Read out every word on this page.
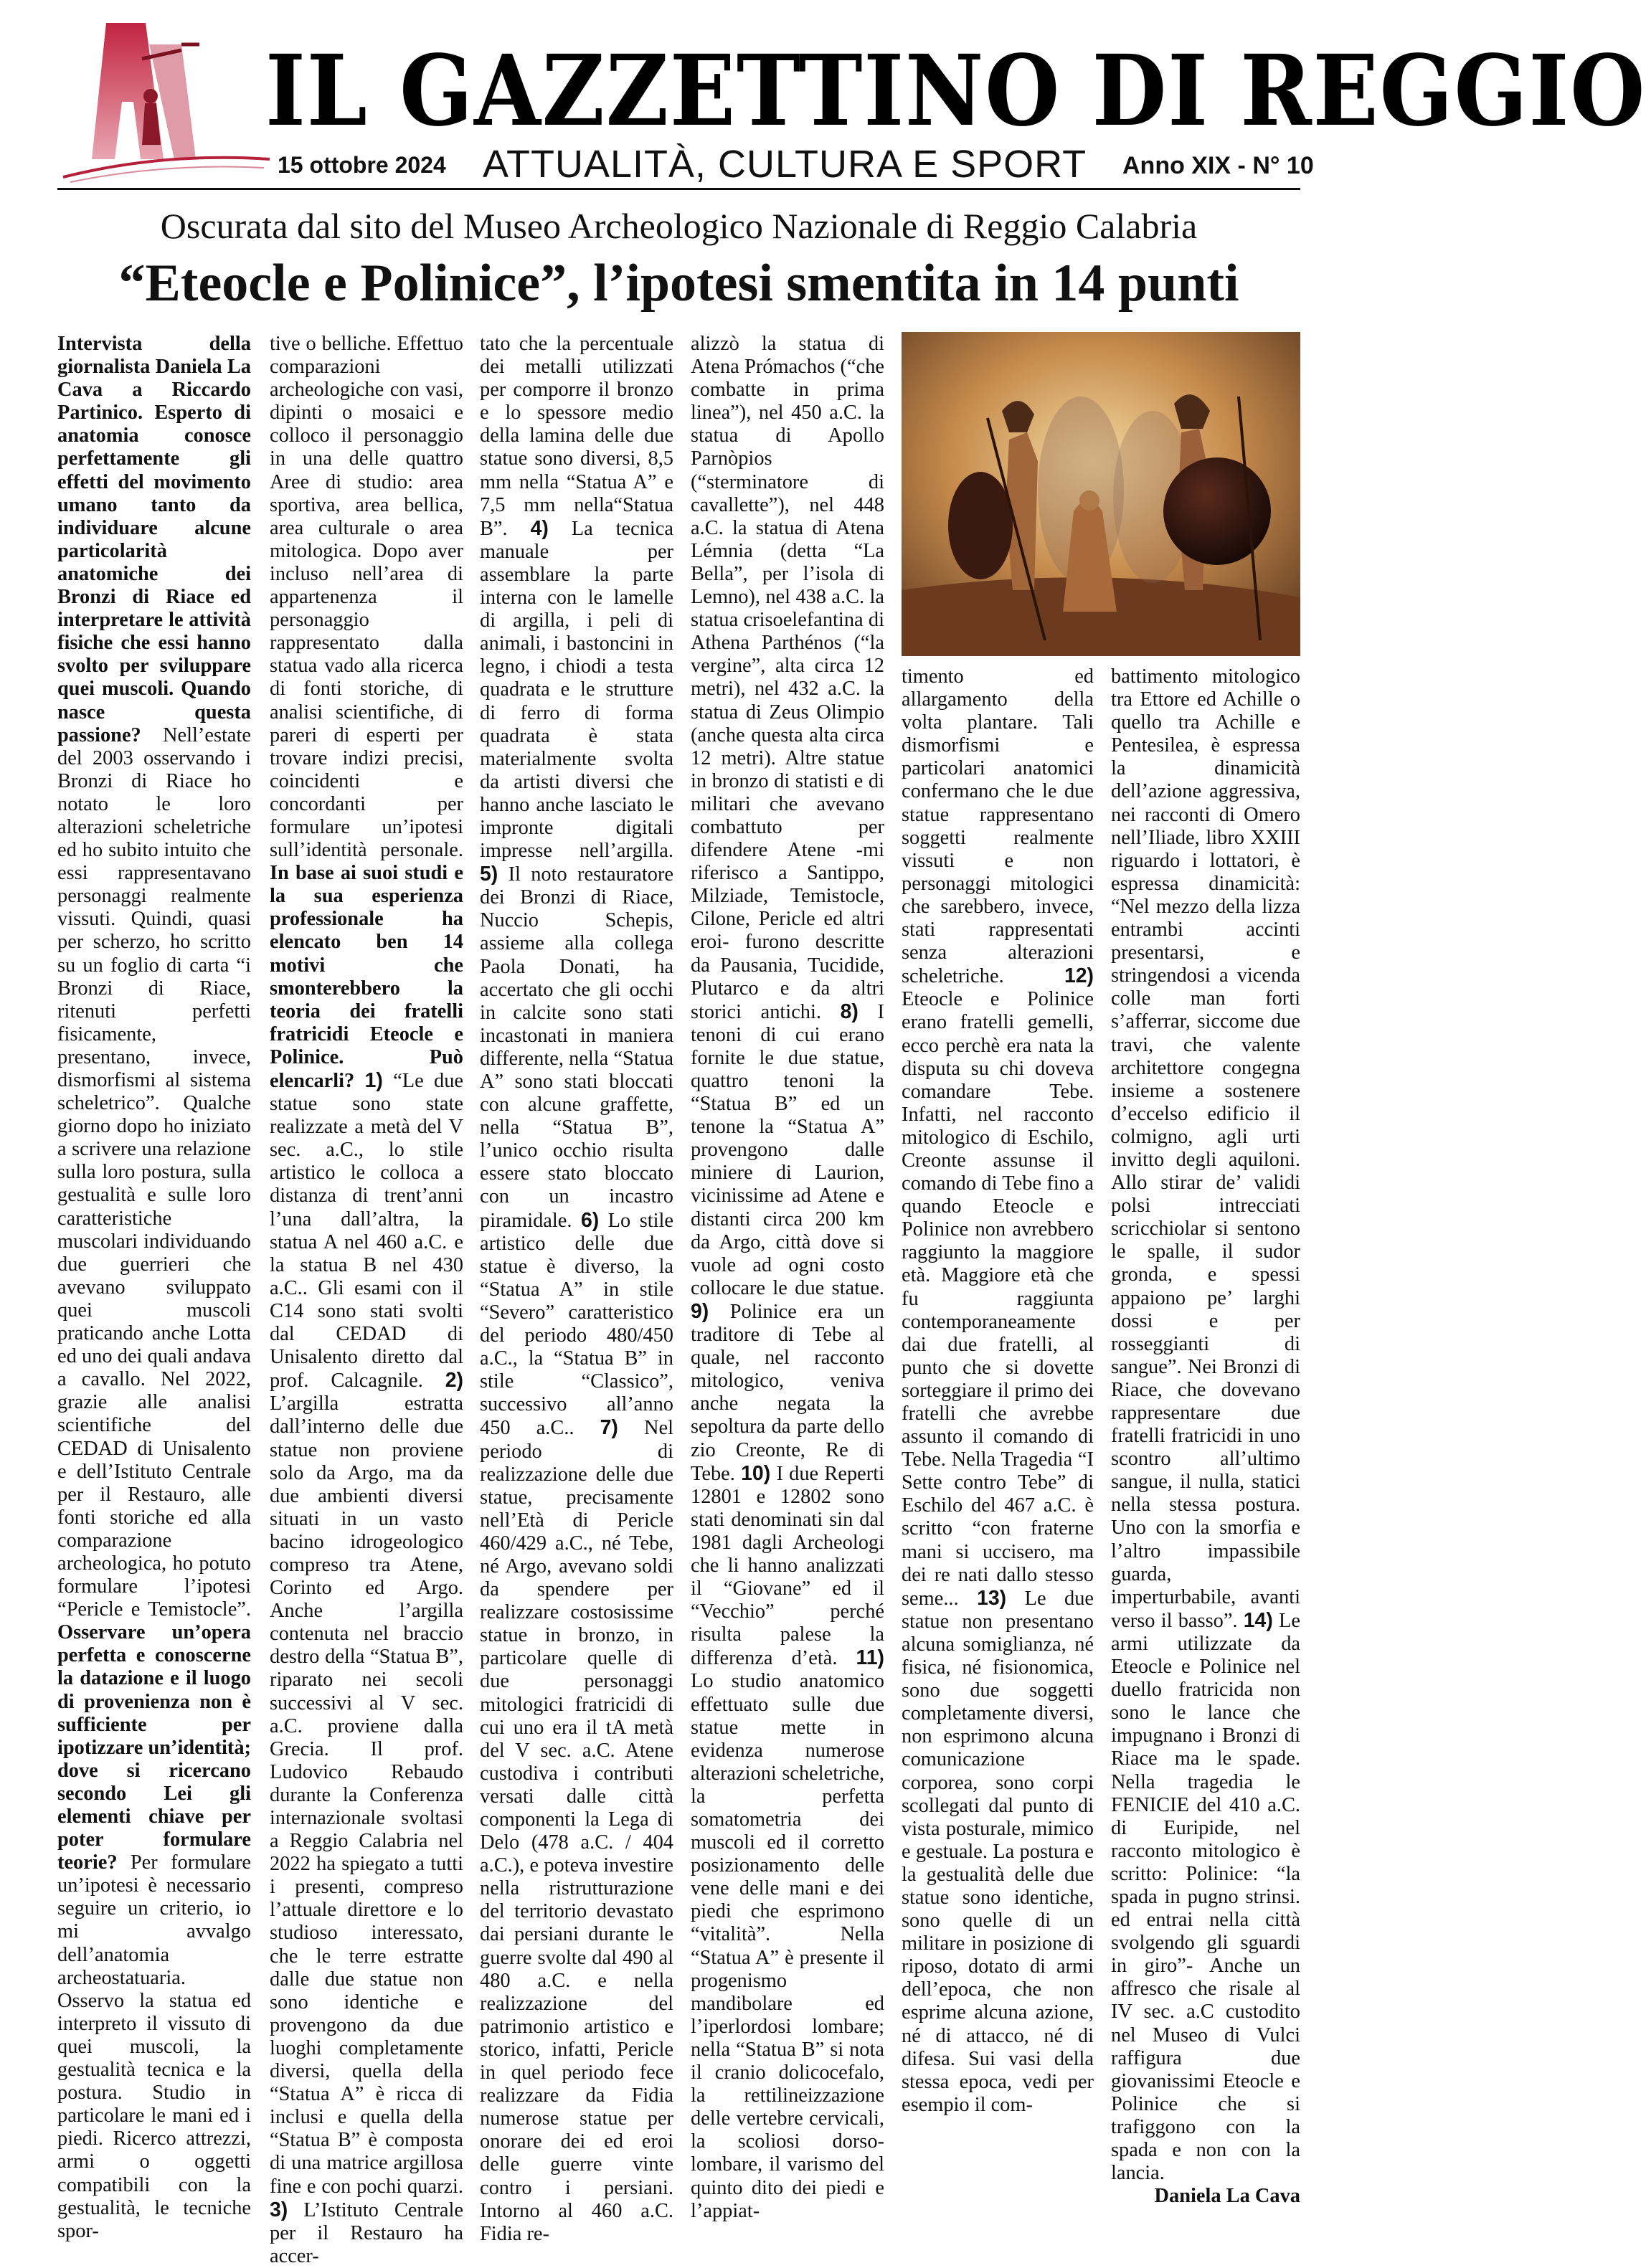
IL GAZZETTINO DI REGGIO
15 ottobre 2024 ATTUALITÀ, CULTURA E SPORT Anno XIX - N° 10
Oscurata dal sito del Museo Archeologico Nazionale di Reggio Calabria
“Eteocle e Polinice”, l’ipotesi smentita in 14 punti

Intervista della giornalista Daniela La Cava a Riccardo Partinico. Esperto di anatomia conosce perfettamente gli effetti del movimento umano tanto da individuare alcune particolarità anatomiche dei Bronzi di Riace ed interpretare le attività fisiche che essi hanno svolto per sviluppare quei muscoli. Quando nasce questa passione? Nell’estate del 2003 osservando i Bronzi di Riace ho notato le loro alterazioni scheletriche ed ho subito intuito che essi rappresentavano personaggi realmente vissuti. Quindi, quasi per scherzo, ho scritto su un foglio di carta “i Bronzi di Riace, ritenuti perfetti fisicamente, presentano, invece, dismorfismi al sistema scheletrico”. Qualche giorno dopo ho iniziato a scrivere una relazione sulla loro postura, sulla gestualità e sulle loro caratteristiche muscolari individuando due guerrieri che avevano sviluppato quei muscoli praticando anche Lotta ed uno dei quali andava a cavallo. Nel 2022, grazie alle analisi scientifiche del CEDAD di Unisalento e dell’Istituto Centrale per il Restauro, alle fonti storiche ed alla comparazione archeologica, ho potuto formulare l’ipotesi “Pericle e Temistocle”. Osservare un’opera perfetta e conoscerne la datazione e il luogo di provenienza non è sufficiente per ipotizzare un’identità; dove si ricercano secondo Lei gli elementi chiave per poter formulare teorie? Per formulare un’ipotesi è necessario seguire un criterio, io mi avvalgo dell’anatomia archeostatuaria. Osservo la statua ed interpreto il vissuto di quei muscoli, la gestualità tecnica e la postura. Studio in particolare le mani ed i piedi. Ricerco attrezzi, armi o oggetti compatibili con la gestualità, le tecniche spor-

tive o belliche. Effettuo comparazioni archeologiche con vasi, dipinti o mosaici e colloco il personaggio in una delle quattro Aree di studio: area sportiva, area bellica, area culturale o area mitologica. Dopo aver incluso nell’area di appartenenza il personaggio rappresentato dalla statua vado alla ricerca di fonti storiche, di analisi scientifiche, di pareri di esperti per trovare indizi precisi, coincidenti e concordanti per formulare un’ipotesi sull’identità personale. In base ai suoi studi e la sua esperienza professionale ha elencato ben 14 motivi che smonterebbero la teoria dei fratelli fratricidi Eteocle e Polinice. Può elencarli? 1) “Le due statue sono state realizzate a metà del V sec. a.C., lo stile artistico le colloca a distanza di trent’anni l’una dall’altra, la statua A nel 460 a.C. e la statua B nel 430 a.C.. Gli esami con il C14 sono stati svolti dal CEDAD di Unisalento diretto dal prof. Calcagnile. 2) L’argilla estratta dall’interno delle due statue non proviene solo da Argo, ma da due ambienti diversi situati in un vasto bacino idrogeologico compreso tra Atene, Corinto ed Argo. Anche l’argilla contenuta nel braccio destro della “Statua B”, riparato nei secoli successivi al V sec. a.C. proviene dalla Grecia. Il prof. Ludovico Rebaudo durante la Conferenza internazionale svoltasi a Reggio Calabria nel 2022 ha spiegato a tutti i presenti, compreso l’attuale direttore e lo studioso interessato, che le terre estratte dalle due statue non sono identiche e provengono da due luoghi completamente diversi, quella della “Statua A” è ricca di inclusi e quella della “Statua B” è composta di una matrice argillosa fine e con pochi quarzi. 3) L’Istituto Centrale per il Restauro ha accer-

tato che la percentuale dei metalli utilizzati per comporre il bronzo e lo spessore medio della lamina delle due statue sono diversi, 8,5 mm nella “Statua A” e 7,5 mm nella“Statua B”. 4) La tecnica manuale per assemblare la parte interna con le lamelle di argilla, i peli di animali, i bastoncini in legno, i chiodi a testa quadrata e le strutture di ferro di forma quadrata è stata materialmente svolta da artisti diversi che hanno anche lasciato le impronte digitali impresse nell’argilla. 5) Il noto restauratore dei Bronzi di Riace, Nuccio Schepis, assieme alla collega Paola Donati, ha accertato che gli occhi in calcite sono stati incastonati in maniera differente, nella “Statua A” sono stati bloccati con alcune graffette, nella “Statua B”, l’unico occhio risulta essere stato bloccato con un incastro piramidale. 6) Lo stile artistico delle due statue è diverso, la “Statua A” in stile “Severo” caratteristico del periodo 480/450 a.C., la “Statua B” in stile “Classico”, successivo all’anno 450 a.C.. 7) Nel periodo di realizzazione delle due statue, precisamente nell’Età di Pericle 460/429 a.C., né Tebe, né Argo, avevano soldi da spendere per realizzare costosissime statue in bronzo, in particolare quelle di due personaggi mitologici fratricidi di cui uno era il tA metà del V sec. a.C. Atene custodiva i contributi versati dalle città componenti la Lega di Delo (478 a.C. / 404 a.C.), e poteva investire nella ristrutturazione del territorio devastato dai persiani durante le guerre svolte dal 490 al 480 a.C. e nella realizzazione del patrimonio artistico e storico, infatti, Pericle in quel periodo fece realizzare da Fidia numerose statue per onorare dei ed eroi delle guerre vinte contro i persiani. Intorno al 460 a.C. Fidia re-

alizzò la statua di Atena Prómachos (“che combatte in prima linea”), nel 450 a.C. la statua di Apollo Parnòpios (“sterminatore di cavallette”), nel 448 a.C. la statua di Atena Lémnia (detta “La Bella”, per l’isola di Lemno), nel 438 a.C. la statua crisoelefantina di Athena Parthénos (“la vergine”, alta circa 12 metri), nel 432 a.C. la statua di Zeus Olimpio (anche questa alta circa 12 metri). Altre statue in bronzo di statisti e di militari che avevano combattuto per difendere Atene -mi riferisco a Santippo, Milziade, Temistocle, Cilone, Pericle ed altri eroi- furono descritte da Pausania, Tucidide, Plutarco e da altri storici antichi. 8) I tenoni di cui erano fornite le due statue, quattro tenoni la “Statua B” ed un tenone la “Statua A” provengono dalle miniere di Laurion, vicinissime ad Atene e distanti circa 200 km da Argo, città dove si vuole ad ogni costo collocare le due statue. 9) Polinice era un traditore di Tebe al quale, nel racconto mitologico, veniva anche negata la sepoltura da parte dello zio Creonte, Re di Tebe. 10) I due Reperti 12801 e 12802 sono stati denominati sin dal 1981 dagli Archeologi che li hanno analizzati il “Giovane” ed il “Vecchio” perché risulta palese la differenza d’età. 11) Lo studio anatomico effettuato sulle due statue mette in evidenza numerose alterazioni scheletriche, la perfetta somatometria dei muscoli ed il corretto posizionamento delle vene delle mani e dei piedi che esprimono “vitalità”. Nella “Statua A” è presente il progenismo mandibolare ed l’iperlordosi lombare; nella “Statua B” si nota il cranio dolicocefalo, la rettilineizzazione delle vertebre cervicali, la scoliosi dorso-lombare, il varismo del quinto dito dei piedi e l’appiat-

timento ed allargamento della volta plantare. Tali dismorfismi e particolari anatomici confermano che le due statue rappresentano soggetti realmente vissuti e non personaggi mitologici che sarebbero, invece, stati rappresentati senza alterazioni scheletriche. 12) Eteocle e Polinice erano fratelli gemelli, ecco perchè era nata la disputa su chi doveva comandare Tebe. Infatti, nel racconto mitologico di Eschilo, Creonte assunse il comando di Tebe fino a quando Eteocle e Polinice non avrebbero raggiunto la maggiore età. Maggiore età che fu raggiunta contemporaneamente dai due fratelli, al punto che si dovette sorteggiare il primo dei fratelli che avrebbe assunto il comando di Tebe. Nella Tragedia “I Sette contro Tebe” di Eschilo del 467 a.C. è scritto “con fraterne mani si uccisero, ma dei re nati dallo stesso seme... 13) Le due statue non presentano alcuna somiglianza, né fisica, né fisionomica, sono due soggetti completamente diversi, non esprimono alcuna comunicazione corporea, sono corpi scollegati dal punto di vista posturale, mimico e gestuale. La postura e la gestualità delle due statue sono identiche, sono quelle di un militare in posizione di riposo, dotato di armi dell’epoca, che non esprime alcuna azione, né di attacco, né di difesa. Sui vasi della stessa epoca, vedi per esempio il com-

battimento mitologico tra Ettore ed Achille o quello tra Achille e Pentesilea, è espressa la dinamicità dell’azione aggressiva, nei racconti di Omero nell’Iliade, libro XXIII riguardo i lottatori, è espressa dinamicità: “Nel mezzo della lizza entrambi accinti presentarsi, e stringendosi a vicenda colle man forti s’afferrar, siccome due travi, che valente architettore congegna insieme a sostenere d’eccelso edificio il colmigno, agli urti invitto degli aquiloni. Allo stirar de’ validi polsi intrecciati scricchiolar si sentono le spalle, il sudor gronda, e spessi appaiono pe’ larghi dossi e per rosseggianti di sangue”. Nei Bronzi di Riace, che dovevano rappresentare due fratelli fratricidi in uno scontro all’ultimo sangue, il nulla, statici nella stessa postura. Uno con la smorfia e l’altro impassibile guarda, imperturbabile, avanti verso il basso”. 14) Le armi utilizzate da Eteocle e Polinice nel duello fratricida non sono le lance che impugnano i Bronzi di Riace ma le spade. Nella tragedia le FENICIE del 410 a.C. di Euripide, nel racconto mitologico è scritto: Polinice: “la spada in pugno strinsi. ed entrai nella città svolgendo gli sguardi in giro”- Anche un affresco che risale al IV sec. a.C custodito nel Museo di Vulci raffigura due giovanissimi Eteocle e Polinice che si trafiggono con la spada e non con la lancia.

Daniela La Cava
